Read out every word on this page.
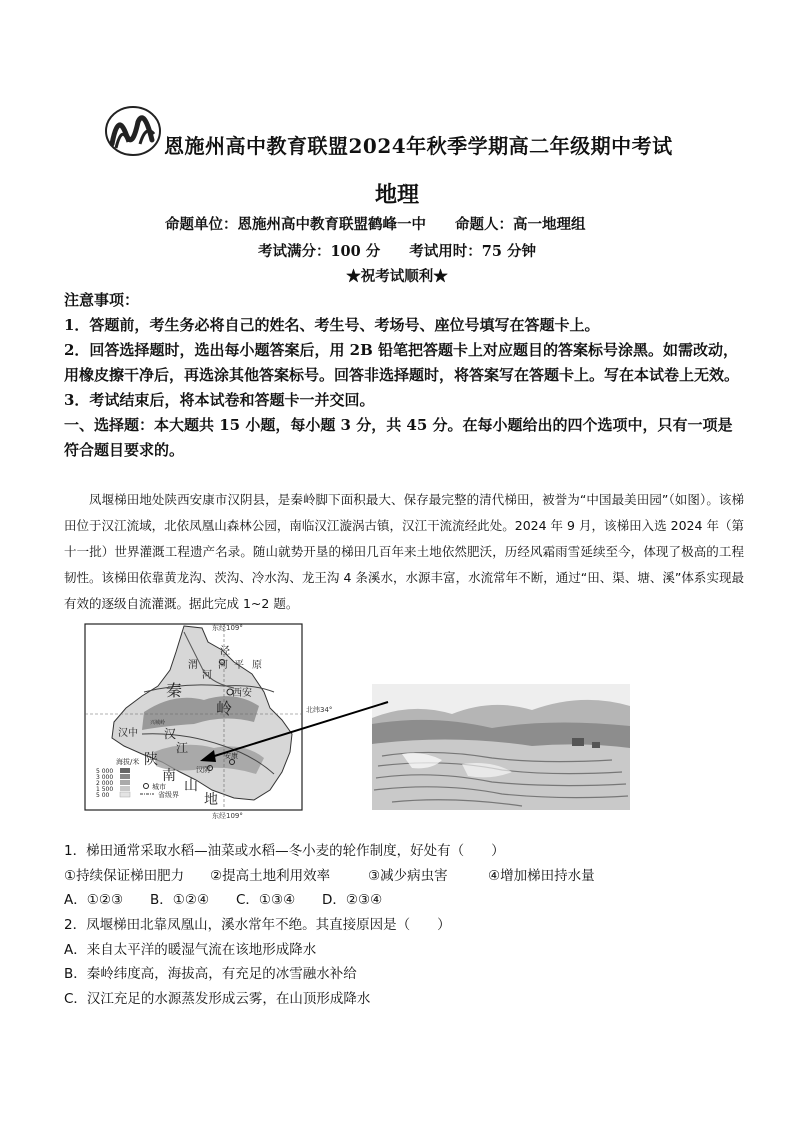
恩施州高中教育联盟2024年秋季学期高二年级期中考试
地理
命题单位：恩施州高中教育联盟鹤峰一中　　命题人：高一地理组
考试满分：100 分　　考试用时：75 分钟
★祝考试顺利★

注意事项：

1．答题前，考生务必将自己的姓名、考生号、考场号、座位号填写在答题卡上。

2．回答选择题时，选出每小题答案后，用 2B 铅笔把答题卡上对应题目的答案标号涂黑。如需改动，用橡皮擦干净后，再选涂其他答案标号。回答非选择题时，将答案写在答题卡上。写在本试卷上无效。

3．考试结束后，将本试卷和答题卡一并交回。

一、选择题：本大题共 15 小题，每小题 3 分，共 45 分。在每小题给出的四个选项中，只有一项是符合题目要求的。

凤堰梯田地处陕西安康市汉阴县，是秦岭脚下面积最大、保存最完整的清代梯田，被誉为“中国最美田园”（如图）。该梯田位于汉江流域，北依凤凰山森林公园，南临汉江漩涡古镇，汉江干流流经此处。2024 年 9 月，该梯田入选 2024 年（第十一批）世界灌溉工程遗产名录。随山就势开垦的梯田几百年来土地依然肥沃，历经风霜雨雪延续至今，体现了极高的工程韧性。该梯田依靠黄龙沟、茨沟、冷水沟、龙王沟 4 条溪水，水源丰富，水流常年不断，通过“田、渠、塘、溪”体系实现最有效的逐级自流灌溉。据此完成 1~2 题。

东经109°
东经109°
北纬34°
泾
河
渭
河
平 原
西安
秦
岭
兴城岭
汉中 汉
江
陕
南
山
地
汉阴
安康
海拔/米
5 000
3 000
2 000
1 500
5 00
城市
省级界
1．梯田通常采取水稻—油菜或水稻—冬小麦的轮作制度，好处有（　　）
①持续保证梯田肥力 ②提高土地利用效率	③减少病虫害	④增加梯田持水量
A．①②③	B．①②④	C．①③④	D．②③④
2．凤堰梯田北靠凤凰山，溪水常年不绝。其直接原因是（　　）
A．来自太平洋的暖湿气流在该地形成降水
B．秦岭纬度高，海拔高，有充足的冰雪融水补给
C．汉江充足的水源蒸发形成云雾，在山顶形成降水
